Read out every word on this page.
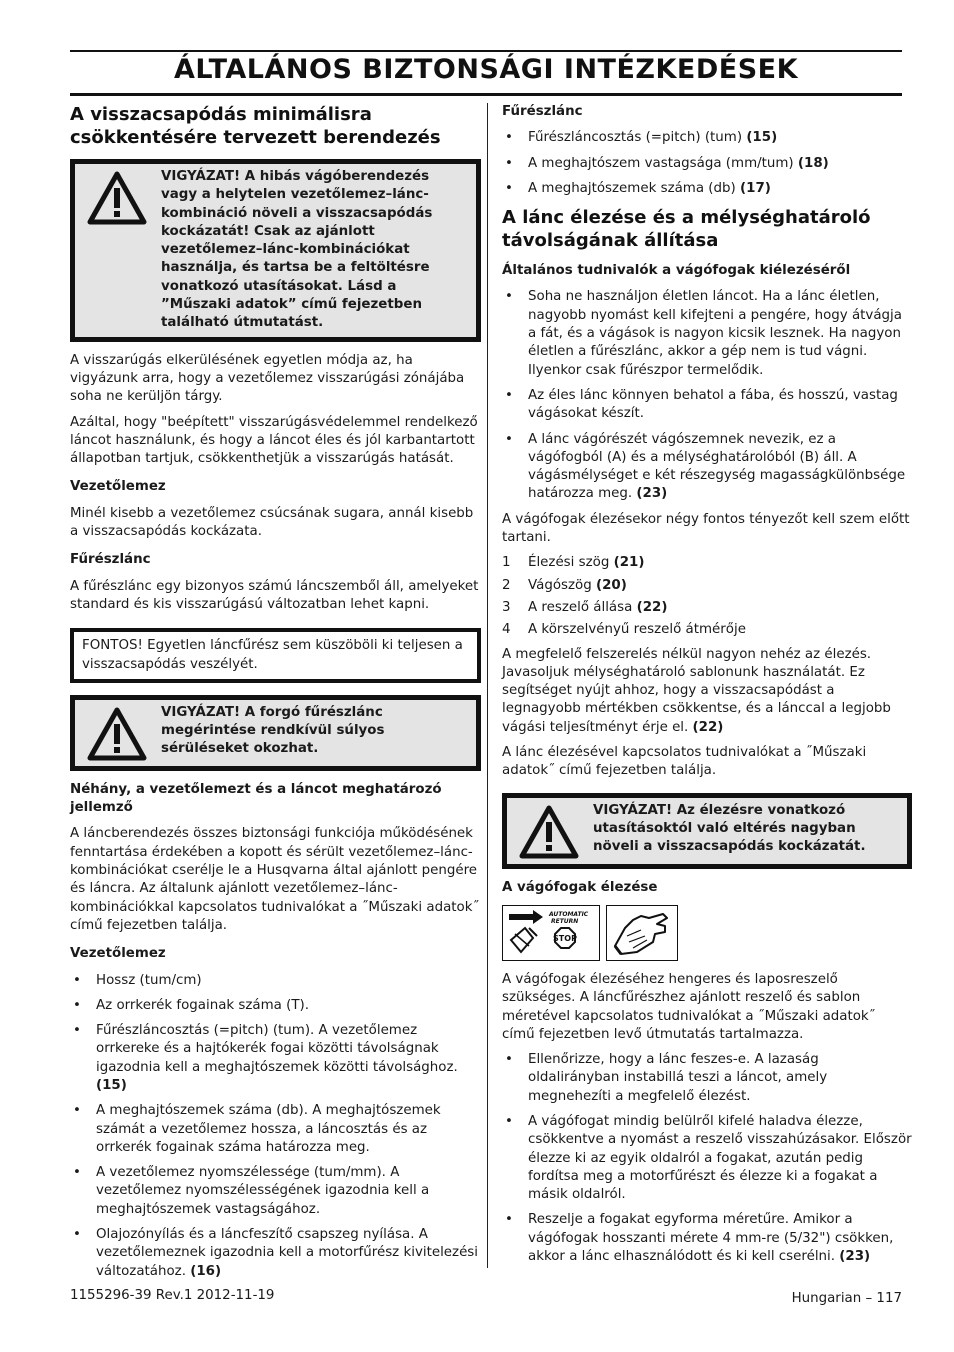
ÁLTALÁNOS BIZTONSÁGI INTÉZKEDÉSEK
A visszacsapódás minimálisra csökkentésére tervezett berendezés
VIGYÁZAT! A hibás vágóberendezés vagy a helytelen vezetőlemez–lánc-kombináció növeli a visszacsapódás kockázatát! Csak az ajánlott vezetőlemez–lánc-kombinációkat használja, és tartsa be a feltöltésre vonatkozó utasításokat. Lásd a ”Műszaki adatok” című fejezetben található útmutatást.

A visszarúgás elkerülésének egyetlen módja az, ha vigyázunk arra, hogy a vezetőlemez visszarúgási zónájába soha ne kerüljön tárgy.

Azáltal, hogy "beépített" visszarúgásvédelemmel rendelkező láncot használunk, és hogy a láncot éles és jól karbantartott állapotban tartjuk, csökkenthetjük a visszarúgás hatását.

Vezetőlemez

Minél kisebb a vezetőlemez csúcsának sugara, annál kisebb a visszacsapódás kockázata.

Fűrészlánc

A fűrészlánc egy bizonyos számú láncszemből áll, amelyeket standard és kis visszarúgású változatban lehet kapni.

FONTOS! Egyetlen láncfűrész sem küszöböli ki teljesen a visszacsapódás veszélyét.
VIGYÁZAT! A forgó fűrészlánc megérintése rendkívül súlyos sérüléseket okozhat.
Néhány, a vezetőlemezt és a láncot meghatározó jellemző

A láncberendezés összes biztonsági funkciója működésének fenntartása érdekében a kopott és sérült vezetőlemez–lánc-kombinációkat cserélje le a Husqvarna által ajánlott pengére és láncra. Az általunk ajánlott vezetőlemez–lánc-kombinációkkal kapcsolatos tudnivalókat a ˝Műszaki adatok˝ című fejezetben találja.

Vezetőlemez
• Hossz (tum/cm)
• Az orrkerék fogainak száma (T).
• Fűrészláncosztás (=pitch) (tum). A vezetőlemez orrkereke és a hajtókerék fogai közötti távolságnak igazodnia kell a meghajtószemek közötti távolsághoz. (15)
• A meghajtószemek száma (db). A meghajtószemek számát a vezetőlemez hossza, a láncosztás és az orrkerék fogainak száma határozza meg.
• A vezetőlemez nyomszélessége (tum/mm). A vezetőlemez nyomszélességének igazodnia kell a meghajtószemek vastagságához.
• Olajozónyílás és a láncfeszítő csapszeg nyílása. A vezetőlemeznek igazodnia kell a motorfűrész kivitelezési változatához. (16)
Fűrészlánc
• Fűrészláncosztás (=pitch) (tum) (15)
• A meghajtószem vastagsága (mm/tum) (18)
• A meghajtószemek száma (db) (17)
A lánc élezése és a mélységhatároló távolságának állítása
Általános tudnivalók a vágófogak kiélezéséről
• Soha ne használjon életlen láncot. Ha a lánc életlen, nagyobb nyomást kell kifejteni a pengére, hogy átvágja a fát, és a vágások is nagyon kicsik lesznek. Ha nagyon életlen a fűrészlánc, akkor a gép nem is tud vágni. Ilyenkor csak fűrészpor termelődik.
• Az éles lánc könnyen behatol a fába, és hosszú, vastag vágásokat készít.
• A lánc vágórészét vágószemnek nevezik, ez a vágófogból (A) és a mélységhatárolóból (B) áll. A vágásmélységet e két részegység magasságkülönbsége határozza meg. (23)

A vágófogak élezésekor négy fontos tényezőt kell szem előtt tartani.

1	Élezési szög (21)
2	Vágószög (20)
3	A reszelő állása (22)
4	A körszelvényű reszelő átmérője

A megfelelő felszerelés nélkül nagyon nehéz az élezés. Javasoljuk mélységhatároló sablonunk használatát. Ez segítséget nyújt ahhoz, hogy a visszacsapódást a legnagyobb mértékben csökkentse, és a lánccal a legjobb vágási teljesítményt érje el. (22)

A lánc élezésével kapcsolatos tudnivalókat a ˝Műszaki adatok˝ című fejezetben találja.

VIGYÁZAT! Az élezésre vonatkozó utasításoktól való eltérés nagyban növeli a visszacsapódás kockázatát.
A vágófogak élezése
AUTOMATIC
RETURN
STOP

A vágófogak élezéséhez hengeres és laposreszelő szükséges. A láncfűrészhez ajánlott reszelő és sablon méretével kapcsolatos tudnivalókat a ˝Műszaki adatok˝ című fejezetben levő útmutatás tartalmazza.

• Ellenőrizze, hogy a lánc feszes-e. A lazaság oldalirányban instabillá teszi a láncot, amely megnehezíti a megfelelő élezést.
• A vágófogat mindig belülről kifelé haladva élezze, csökkentve a nyomást a reszelő visszahúzásakor. Először élezze ki az egyik oldalról a fogakat, azután pedig fordítsa meg a motorfűrészt és élezze ki a fogakat a másik oldalról.
• Reszelje a fogakat egyforma méretűre. Amikor a vágófogak hosszanti mérete 4 mm-re (5/32") csökken, akkor a lánc elhasználódott és ki kell cserélni. (23)
1155296-39 Rev.1 2012-11-19	Hungarian – 117
